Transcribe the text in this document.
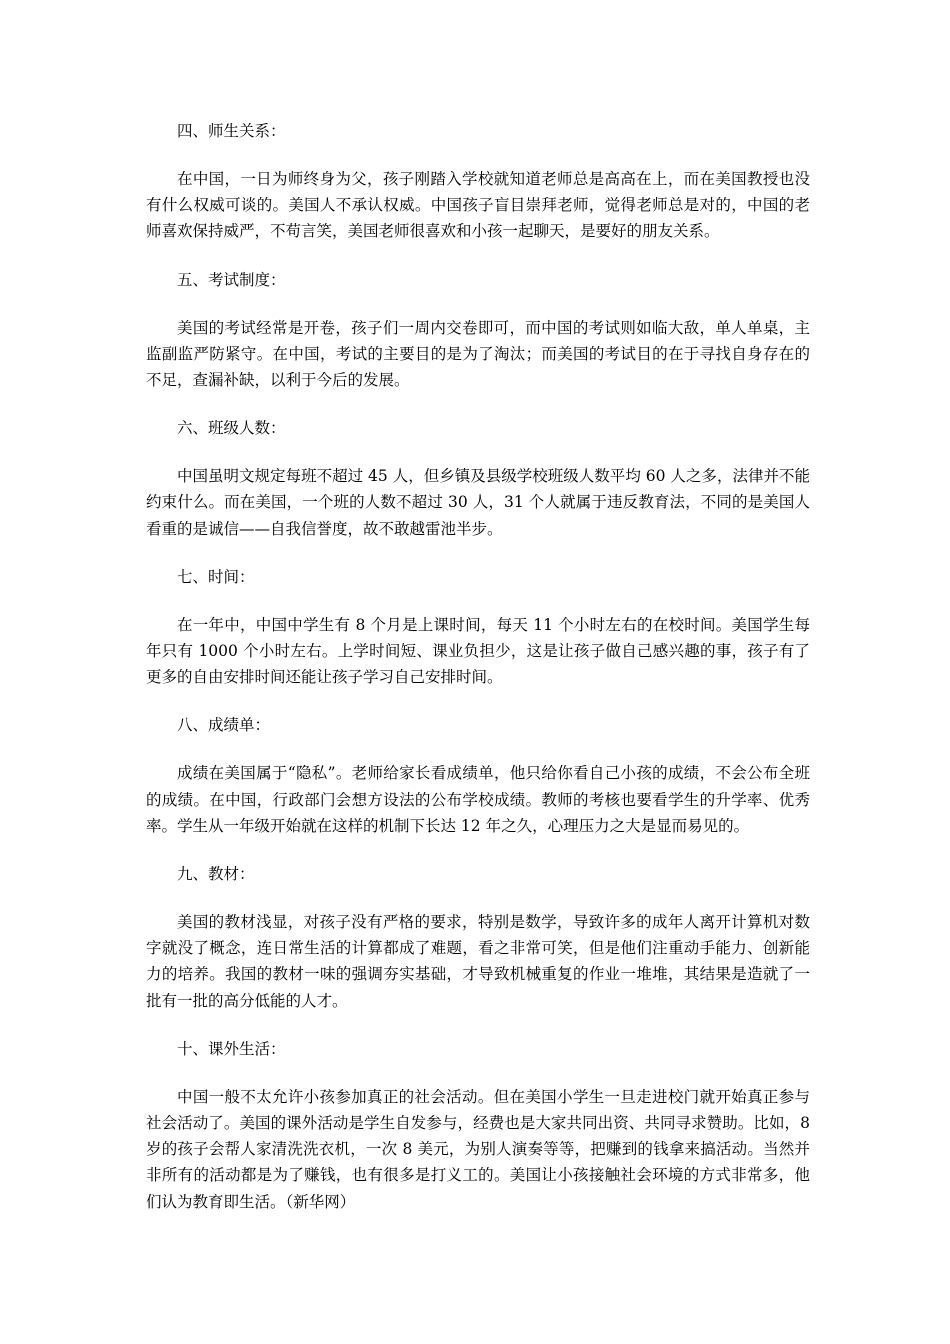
四、师生关系：

在中国，一日为师终身为父，孩子刚踏入学校就知道老师总是高高在上，而在美国教授也没有什么权威可谈的。美国人不承认权威。中国孩子盲目崇拜老师，觉得老师总是对的，中国的老师喜欢保持威严，不苟言笑，美国老师很喜欢和小孩一起聊天，是要好的朋友关系。

五、考试制度：

美国的考试经常是开卷，孩子们一周内交卷即可，而中国的考试则如临大敌，单人单桌，主监副监严防紧守。在中国，考试的主要目的是为了淘汰；而美国的考试目的在于寻找自身存在的不足，查漏补缺，以利于今后的发展。

六、班级人数：

中国虽明文规定每班不超过 45 人，但乡镇及县级学校班级人数平均 60 人之多，法律并不能约束什么。而在美国，一个班的人数不超过 30 人，31 个人就属于违反教育法，不同的是美国人看重的是诚信——自我信誉度，故不敢越雷池半步。

七、时间：

在一年中，中国中学生有 8 个月是上课时间，每天 11 个小时左右的在校时间。美国学生每年只有 1000 个小时左右。上学时间短、课业负担少，这是让孩子做自己感兴趣的事，孩子有了更多的自由安排时间还能让孩子学习自己安排时间。

八、成绩单：

成绩在美国属于“隐私”。老师给家长看成绩单，他只给你看自己小孩的成绩，不会公布全班的成绩。在中国，行政部门会想方设法的公布学校成绩。教师的考核也要看学生的升学率、优秀率。学生从一年级开始就在这样的机制下长达 12 年之久，心理压力之大是显而易见的。

九、教材：

美国的教材浅显，对孩子没有严格的要求，特别是数学，导致许多的成年人离开计算机对数字就没了概念，连日常生活的计算都成了难题，看之非常可笑，但是他们注重动手能力、创新能力的培养。我国的教材一味的强调夯实基础，才导致机械重复的作业一堆堆，其结果是造就了一批有一批的高分低能的人才。

十、课外生活：

中国一般不太允许小孩参加真正的社会活动。但在美国小学生一旦走进校门就开始真正参与社会活动了。美国的课外活动是学生自发参与，经费也是大家共同出资、共同寻求赞助。比如，8 岁的孩子会帮人家清洗洗衣机，一次 8 美元，为别人演奏等等，把赚到的钱拿来搞活动。当然并非所有的活动都是为了赚钱，也有很多是打义工的。美国让小孩接触社会环境的方式非常多，他们认为教育即生活。（新华网）
